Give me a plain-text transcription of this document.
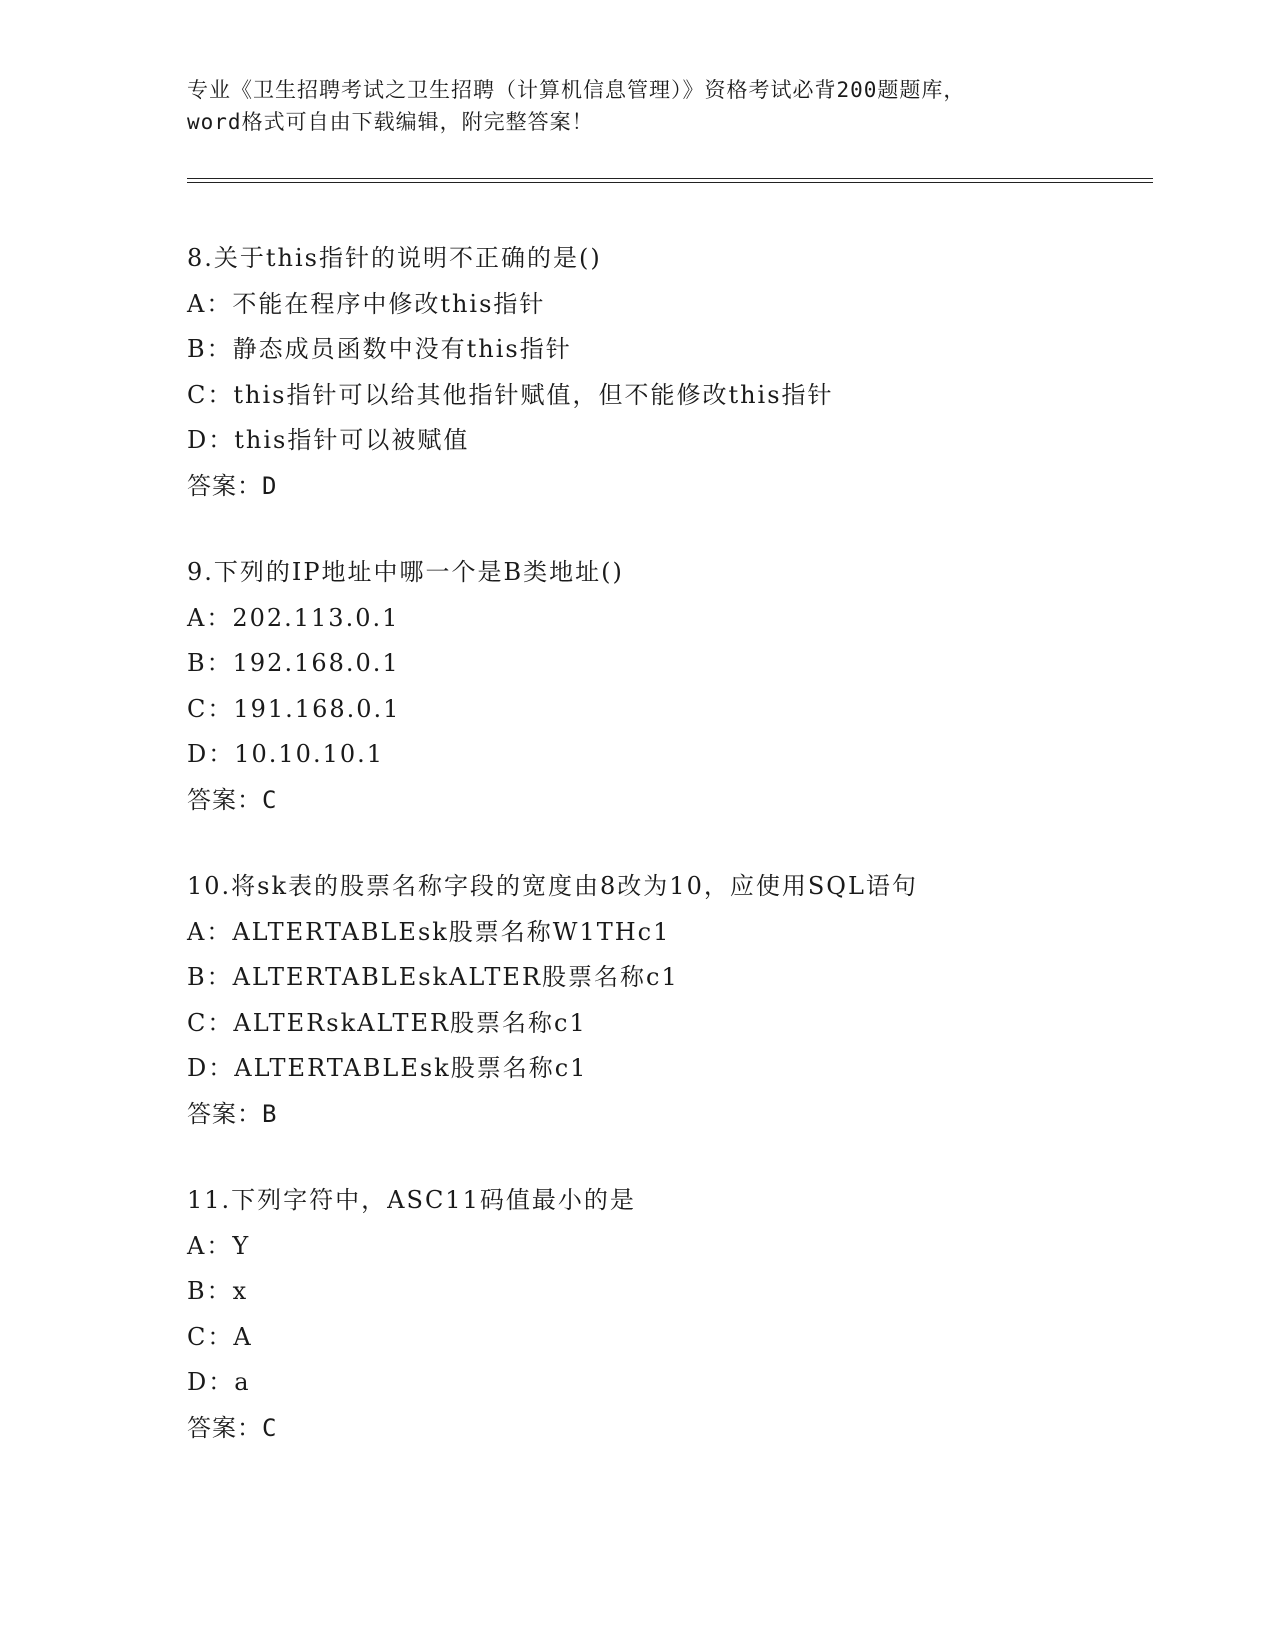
专业《卫生招聘考试之卫生招聘（计算机信息管理）》资格考试必背200题题库，
word格式可自由下载编辑，附完整答案！
8.关于this指针的说明不正确的是()
A：不能在程序中修改this指针
B：静态成员函数中没有this指针
C：this指针可以给其他指针赋值，但不能修改this指针
D：this指针可以被赋值
答案：D
9.下列的IP地址中哪一个是B类地址()
A：202.113.0.1
B：192.168.0.1
C：191.168.0.1
D：10.10.10.1
答案：C
10.将sk表的股票名称字段的宽度由8改为10，应使用SQL语句
A：ALTERTABLEsk股票名称W1THc1
B：ALTERTABLEskALTER股票名称c1
C：ALTERskALTER股票名称c1
D：ALTERTABLEsk股票名称c1
答案：B
11.下列字符中，ASC11码值最小的是
A：Y
B：x
C：A
D：a
答案：C
